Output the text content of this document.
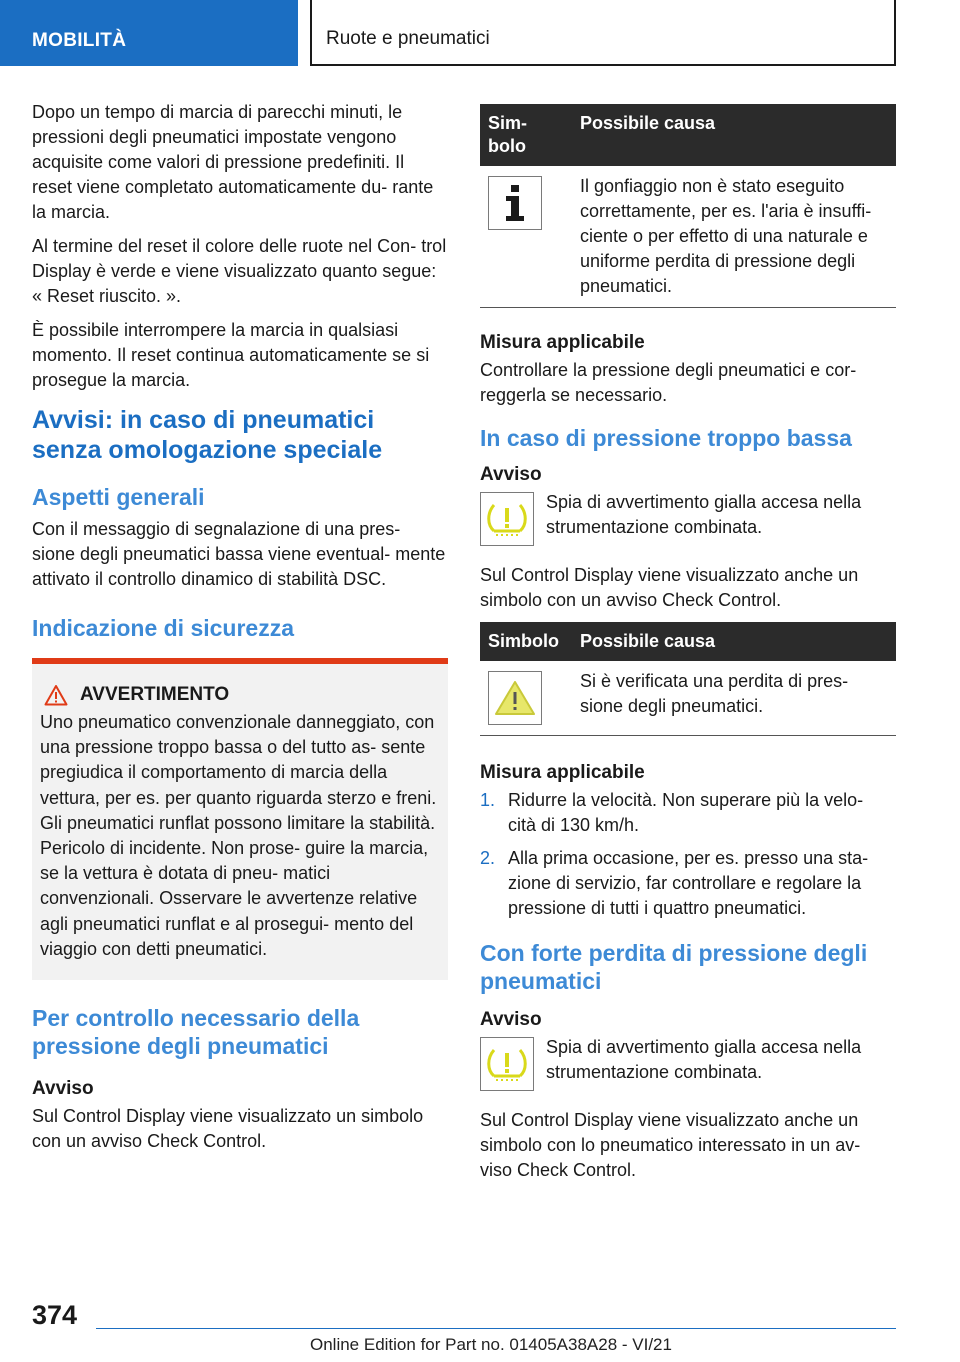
MOBILITÀ	Ruote e pneumatici

Dopo un tempo di marcia di parecchi minuti, le pressioni degli pneumatici impostate vengono acquisite come valori di pressione predefiniti. Il reset viene completato automaticamente du- rante la marcia.

Al termine del reset il colore delle ruote nel Con- trol Display è verde e viene visualizzato quanto segue: « Reset riuscito. ».

È possibile interrompere la marcia in qualsiasi momento. Il reset continua automaticamente se si prosegue la marcia.

Avvisi: in caso di pneumatici senza omologazione speciale
Aspetti generali

Con il messaggio di segnalazione di una pres- sione degli pneumatici bassa viene eventual- mente attivato il controllo dinamico di stabilità DSC.

Indicazione di sicurezza
AVVERTIMENTO

Uno pneumatico convenzionale danneggiato, con una pressione troppo bassa o del tutto as- sente pregiudica il comportamento di marcia della vettura, per es. per quanto riguarda sterzo e freni. Gli pneumatici runflat possono limitare la stabilità. Pericolo di incidente. Non prose- guire la marcia, se la vettura è dotata di pneu- matici convenzionali. Osservare le avvertenze relative agli pneumatici runflat e al prosegui- mento del viaggio con detti pneumatici.

Per controllo necessario della pressione degli pneumatici
Avviso

Sul Control Display viene visualizzato un simbolo con un avviso Check Control.

Sim- bolo	Possibile causa

	Il gonfiaggio non è stato eseguito correttamente, per es. l'aria è insuffi- ciente o per effetto di una naturale e uniforme perdita di pressione degli pneumatici.
Misura applicabile

Controllare la pressione degli pneumatici e cor- reggerla se necessario.

In caso di pressione troppo bassa
Avviso

Spia di avvertimento gialla accesa nella strumentazione combinata.

Sul Control Display viene visualizzato anche un simbolo con un avviso Check Control.

Simbolo	Possibile causa

	Si è verificata una perdita di pres- sione degli pneumatici.
Misura applicabile
1. Ridurre la velocità. Non superare più la velo- cità di 130 km/h.
2. Alla prima occasione, per es. presso una sta- zione di servizio, far controllare e regolare la pressione di tutti i quattro pneumatici.
Con forte perdita di pressione degli pneumatici
Avviso

Spia di avvertimento gialla accesa nella strumentazione combinata.

Sul Control Display viene visualizzato anche un simbolo con lo pneumatico interessato in un av- viso Check Control.

374
Online Edition for Part no. 01405A38A28 - VI/21
